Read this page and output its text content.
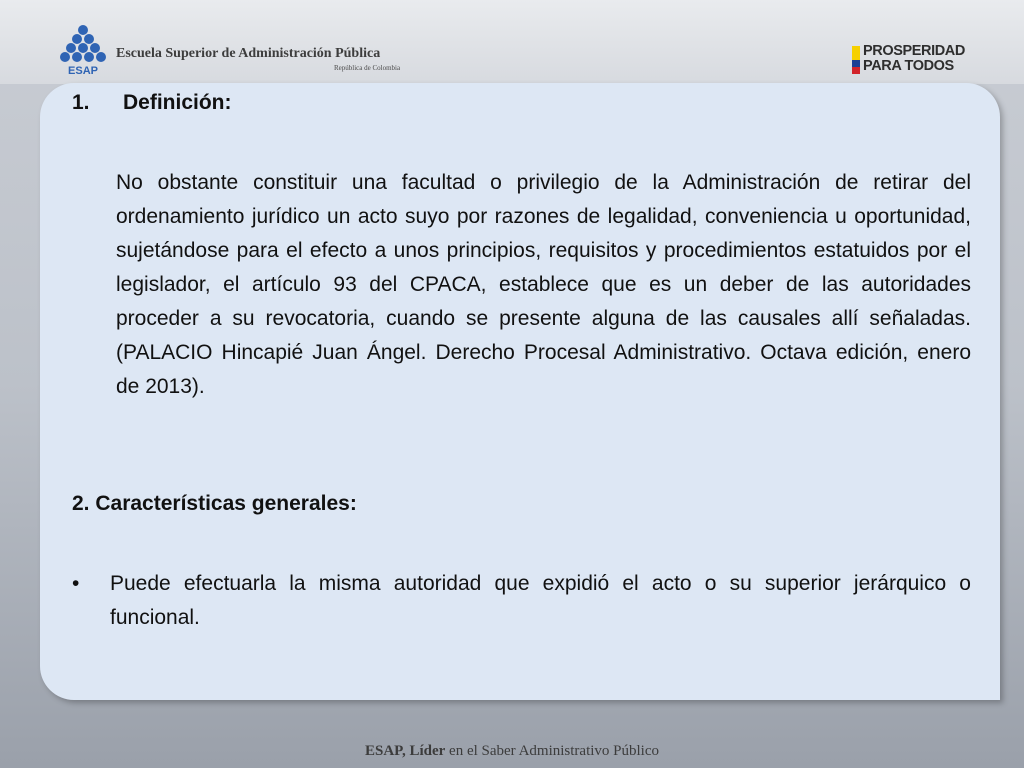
ESAP
Escuela Superior de Administración Pública
República de Colombia
PROSPERIDAD
PARA TODOS
1. Definición:

No obstante constituir una facultad o privilegio de la Administración de retirar del ordenamiento jurídico un acto suyo por razones de legalidad, conveniencia u oportunidad, sujetándose para el efecto a unos principios, requisitos y procedimientos estatuidos por el legislador, el artículo 93 del CPACA, establece que es un deber de las autoridades proceder a su revocatoria, cuando se presente alguna de las causales allí señaladas. (PALACIO Hincapié Juan Ángel. Derecho Procesal Administrativo. Octava edición, enero de 2013).

2. Características generales:
• Puede efectuarla la misma autoridad que expidió el acto o su superior jerárquico o funcional.

ESAP, Líder en el Saber Administrativo Público
